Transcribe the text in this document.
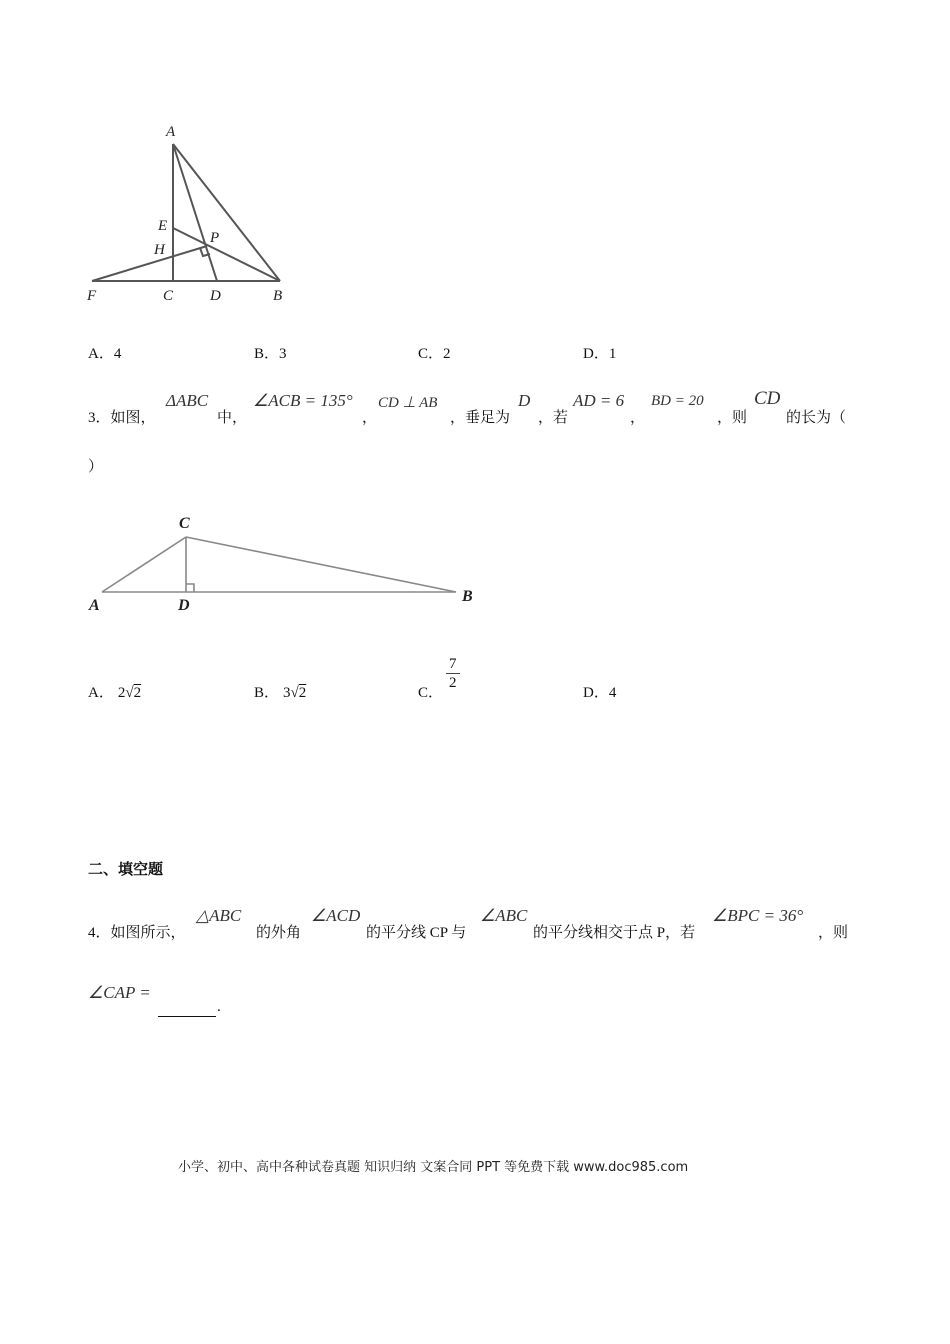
A
E
H
P
F	C D	B
A．4	B．3	C．2	D．1
3．如图，
ΔABC
中，
∠ACB = 135°
，
CD ⊥ AB
，垂足为
D
，若
AD = 6
，
BD = 20
，则
CD
的长为（
）
C
A	D
B
A． 2√2	B． 3√2	C．
$\frac{7}{2}$
D．4
二、填空题
4．如图所示，
△ABC
的外角
∠ACD
的平分线 CP 与
∠ABC
的平分线相交于点 P，若
∠BPC = 36°
，则
∠CAP =
.
小学、初中、高中各种试卷真题 知识归纳 文案合同 PPT 等免费下载 www.doc985.com
